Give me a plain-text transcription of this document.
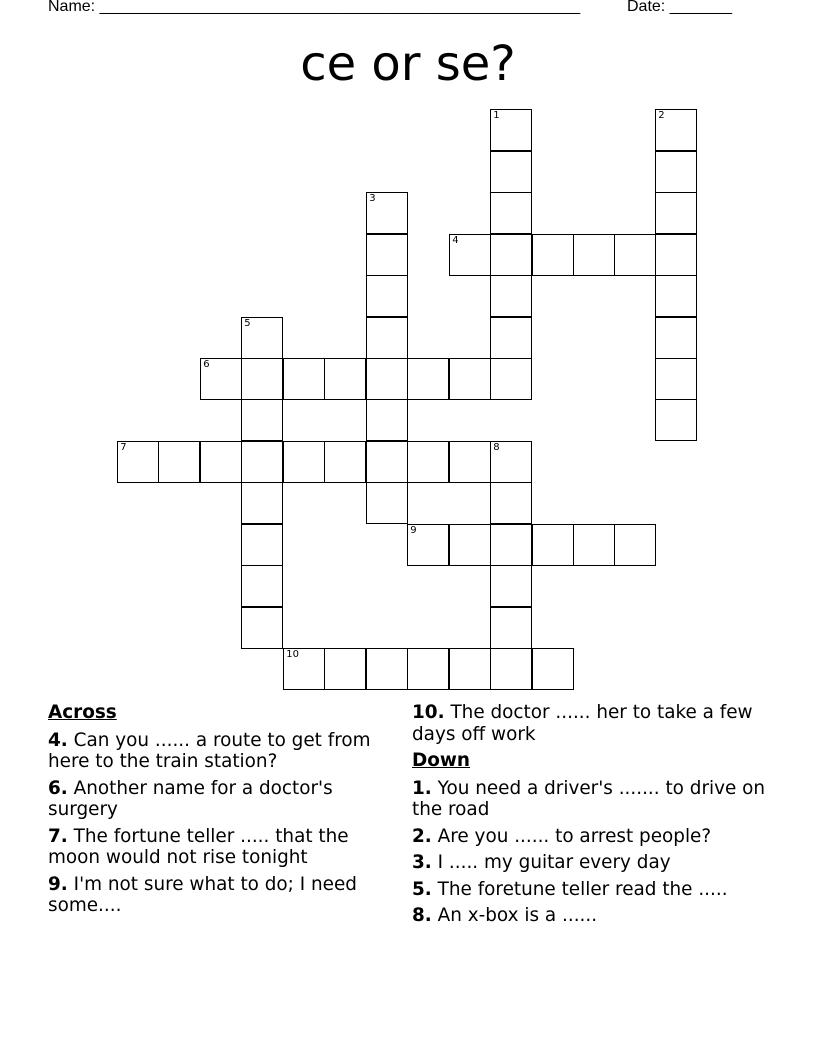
Name: ______________________________________________________	Date: _______
ce or se?
1	2
3
4
5
6
7	8
9
10
Across
4. Can you ...... a route to get from here to the train station?
6. Another name for a doctor's surgery
7. The fortune teller ..... that the moon would not rise tonight
9. I'm not sure what to do; I need some....
10. The doctor ...... her to take a few days off work
Down
1. You need a driver's ....... to drive on the road
2. Are you ...... to arrest people?
3. I ..... my guitar every day
5. The foretune teller read the .....
8. An x-box is a ......
